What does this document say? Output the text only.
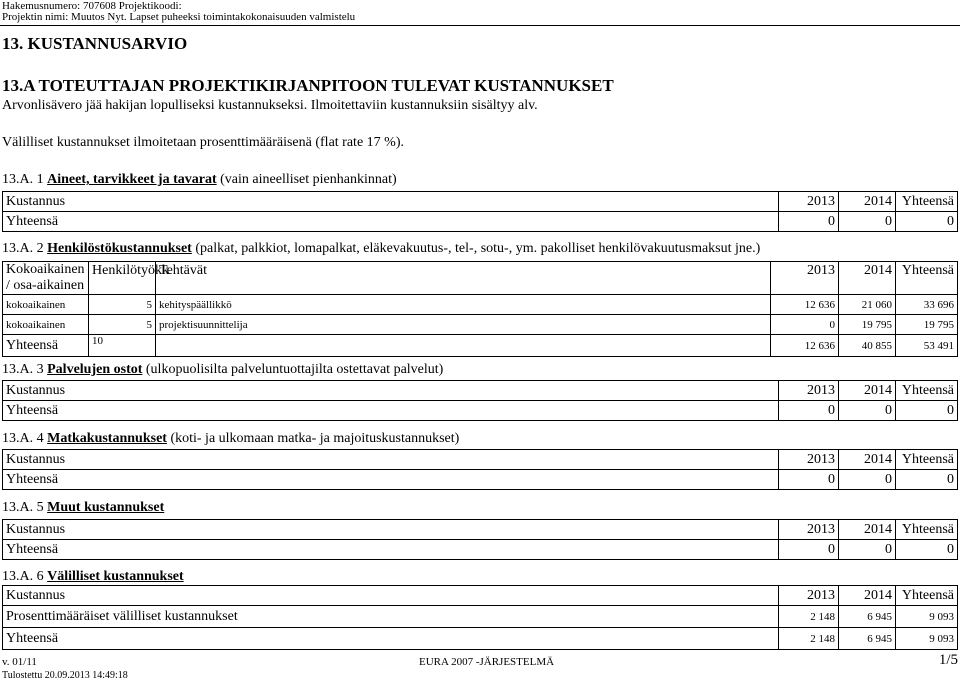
Hakemusnumero: 707608 Projektikoodi:
Projektin nimi: Muutos Nyt. Lapset puheeksi toimintakokonaisuuden valmistelu
13. KUSTANNUSARVIO
13.A TOTEUTTAJAN PROJEKTIKIRJANPITOON TULEVAT KUSTANNUKSET
Arvonlisävero jää hakijan lopulliseksi kustannukseksi. Ilmoitettaviin kustannuksiin sisältyy alv.
Välilliset kustannukset ilmoitetaan prosenttimääräisenä (flat rate 17 %).
13.A. 1 Aineet, tarvikkeet ja tavarat (vain aineelliset pienhankinnat)
Kustannus	2013	2014	Yhteensä
Yhteensä	0	0	0
13.A. 2 Henkilöstökustannukset (palkat, palkkiot, lomapalkat, eläkevakuutus-, tel-, sotu-, ym. pakolliset henkilövakuutusmaksut jne.)
Kokoaikainen
/ osa-aikainen	Henkilötyökk	Tehtävät	2013	2014	Yhteensä
kokoaikainen	5	kehityspäällikkö	12 636	21 060	33 696
kokoaikainen	5	projektisuunnittelija	0	19 795	19 795
Yhteensä	10		12 636	40 855	53 491
13.A. 3 Palvelujen ostot (ulkopuolisilta palveluntuottajilta ostettavat palvelut)
Kustannus	2013	2014	Yhteensä
Yhteensä	0	0	0
13.A. 4 Matkakustannukset (koti- ja ulkomaan matka- ja majoituskustannukset)
Kustannus	2013	2014	Yhteensä
Yhteensä	0	0	0
13.A. 5 Muut kustannukset
Kustannus	2013	2014	Yhteensä
Yhteensä	0	0	0
13.A. 6 Välilliset kustannukset
Kustannus	2013	2014	Yhteensä
Prosenttimääräiset välilliset kustannukset	2 148	6 945	9 093
Yhteensä	2 148	6 945	9 093
v. 01/11	EURA 2007 -JÄRJESTELMÄ	1/5
Tulostettu 20.09.2013 14:49:18
